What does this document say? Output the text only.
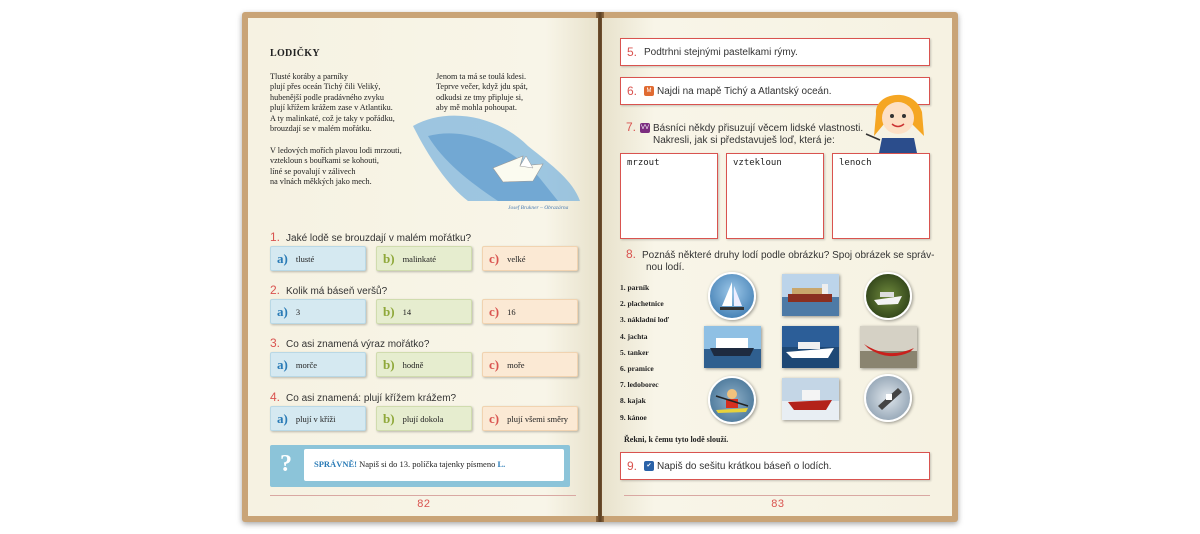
LODIČKY
Tlusté koráby a parníky
plují přes oceán Tichý čili Veliký,
hubenější podle pradávného zvyku
plují křížem krážem zase v Atlantiku.
A ty malinkaté, což je taky v pořádku,
brouzdají se v malém mořátku.
V ledových mořích plavou lodi mrzouti,
vztekloun s bouřkami se kohouti,
líné se povalují v zálivech
na vlnách měkkých jako mech.
Jenom ta má se toulá kdesi.
Teprve večer, když jdu spát,
odkudsi ze tmy připluje si,
aby mě mohla pohoupat.
Josef Brukner – Obrazárna
1. Jaké lodě se brouzdají v malém mořátku?
a) tlusté	b) malinkaté	c) velké
2. Kolik má báseň veršů?
a) 3	b) 14	c) 16
3. Co asi znamená výraz mořátko?
a) morče	b) hodně	c) moře
4. Co asi znamená: plují křížem krážem?
a) plují v kříži	b) plují dokola	c) plují všemi směry
?	SPRÁVNĚ! Napiš si do 13. políčka tajenky písmeno L.
82
5. Podtrhni stejnými pastelkami rýmy.
6.	M Najdi na mapě Tichý a Atlantský oceán.
7. VV Básníci někdy přisuzují věcem lidské vlastnosti.
Nakresli, jak si představuješ loď, která je:
mrzout	vztekloun	lenoch
8. Poznáš některé druhy lodí podle obrázku? Spoj obrázek se správ-
nou lodí.
1. parník
2. plachetnice
3. nákladní loď
4. jachta
5. tanker
6. pramice
7. ledoborec
8. kajak
9. kánoe
Řekni, k čemu tyto lodě slouží.
9.	✔ Napiš do sešitu krátkou báseň o lodích.
83
